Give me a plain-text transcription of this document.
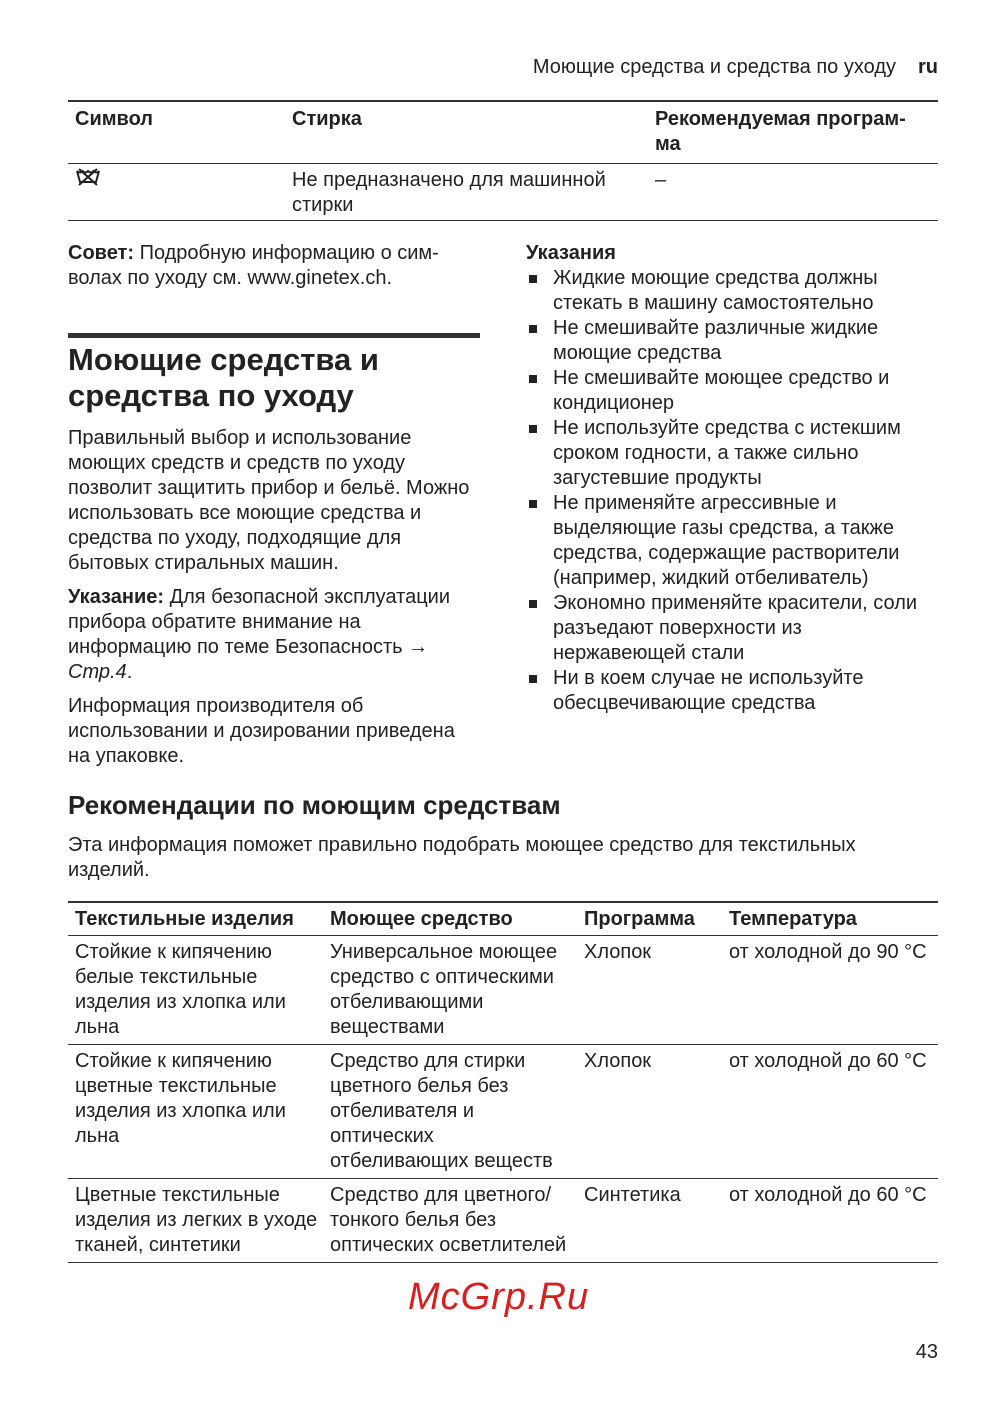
Моющие средства и средства по уходу ru
Символ	Стирка	Рекомендуемая програм-
ма
	Не предназначено для машинной стирки	–
Совет: Подробную информацию о сим-волах по уходу см. www.ginetex.ch.
Моющие средства и средства по уходу
Правильный выбор и использование моющих средств и средств по уходу позволит защитить прибор и бельё. Можно использовать все моющие средства и средства по уходу, подходящие для бытовых стиральных машин.
Указание: Для безопасной эксплуатации прибора обратите внимание на информацию по теме Безопасность → Стр.4.
Информация производителя об использовании и дозировании приведена на упаковке.
Указания
Жидкие моющие средства должны стекать в машину самостоятельно
Не смешивайте различные жидкие моющие средства
Не смешивайте моющее средство и кондиционер
Не используйте средства с истекшим сроком годности, а также сильно загустевшие продукты
Не применяйте агрессивные и выделяющие газы средства, а также средства, содержащие растворители (например, жидкий отбеливатель)
Экономно применяйте красители, соли разъедают поверхности из нержавеющей стали
Ни в коем случае не используйте обесцвечивающие средства
Рекомендации по моющим средствам
Эта информация поможет правильно подобрать моющее средство для текстильных изделий.
Текстильные изделия	Моющее средство	Программа	Температура
Стойкие к кипячению белые текстильные изделия из хлопка или льна	Универсальное моющее средство с оптическими отбеливающими веществами	Хлопок	от холодной до 90 °C
Стойкие к кипячению цветные текстильные изделия из хлопка или льна	Средство для стирки цветного белья без отбеливателя и оптических отбеливающих веществ	Хлопок	от холодной до 60 °C
Цветные текстильные изделия из легких в уходе тканей, синтетики	Средство для цветного/ тонкого белья без оптических осветлителей	Синтетика	от холодной до 60 °C
McGrp.Ru
43
